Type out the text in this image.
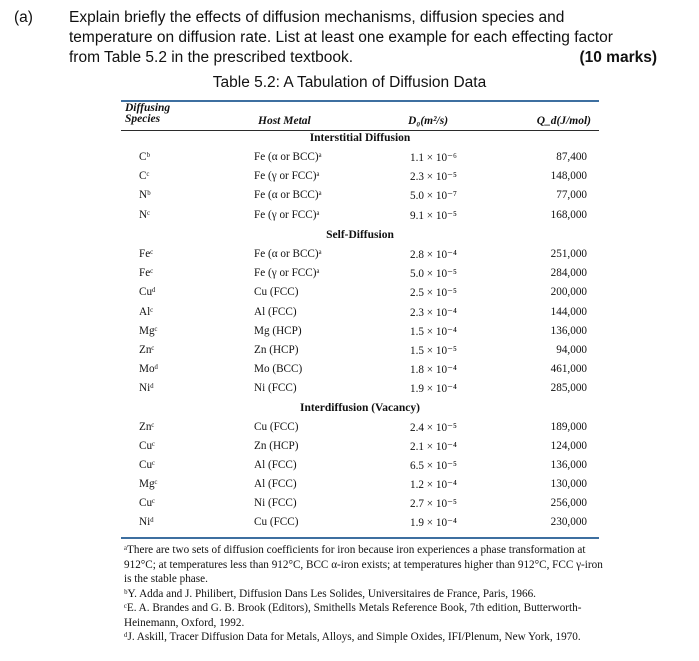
(a) Explain briefly the effects of diffusion mechanisms, diffusion species and
temperature on diffusion rate. List at least one example for each effecting factor
from Table 5.2 in the prescribed textbook.	(10 marks)
Table 5.2: A Tabulation of Diffusion Data
Diffusing
Species	Host Metal	D₀(m²/s)	Q_d(J/mol)
Interstitial Diffusion
Cᵇ	Fe (α or BCC)ᵃ	1.1 × 10⁻⁶	87,400
Cᶜ	Fe (γ or FCC)ᵃ	2.3 × 10⁻⁵	148,000
Nᵇ	Fe (α or BCC)ᵃ	5.0 × 10⁻⁷	77,000
Nᶜ	Fe (γ or FCC)ᵃ	9.1 × 10⁻⁵	168,000
Self-Diffusion
Feᶜ	Fe (α or BCC)ᵃ	2.8 × 10⁻⁴	251,000
Feᶜ	Fe (γ or FCC)ᵃ	5.0 × 10⁻⁵	284,000
Cuᵈ	Cu (FCC)	2.5 × 10⁻⁵	200,000
Alᶜ	Al (FCC)	2.3 × 10⁻⁴	144,000
Mgᶜ	Mg (HCP)	1.5 × 10⁻⁴	136,000
Znᶜ	Zn (HCP)	1.5 × 10⁻⁵	94,000
Moᵈ	Mo (BCC)	1.8 × 10⁻⁴	461,000
Niᵈ	Ni (FCC)	1.9 × 10⁻⁴	285,000
Interdiffusion (Vacancy)
Znᶜ	Cu (FCC)	2.4 × 10⁻⁵	189,000
Cuᶜ	Zn (HCP)	2.1 × 10⁻⁴	124,000
Cuᶜ	Al (FCC)	6.5 × 10⁻⁵	136,000
Mgᶜ	Al (FCC)	1.2 × 10⁻⁴	130,000
Cuᶜ	Ni (FCC)	2.7 × 10⁻⁵	256,000
Niᵈ	Cu (FCC)	1.9 × 10⁻⁴	230,000

ᵃThere are two sets of diffusion coefficients for iron because iron experiences a phase transformation at 912°C; at temperatures less than 912°C, BCC α-iron exists; at temperatures higher than 912°C, FCC γ-iron is the stable phase.

ᵇY. Adda and J. Philibert, Diffusion Dans Les Solides, Universitaires de France, Paris, 1966.

ᶜE. A. Brandes and G. B. Brook (Editors), Smithells Metals Reference Book, 7th edition, Butterworth-Heinemann, Oxford, 1992.

ᵈJ. Askill, Tracer Diffusion Data for Metals, Alloys, and Simple Oxides, IFI/Plenum, New York, 1970.
